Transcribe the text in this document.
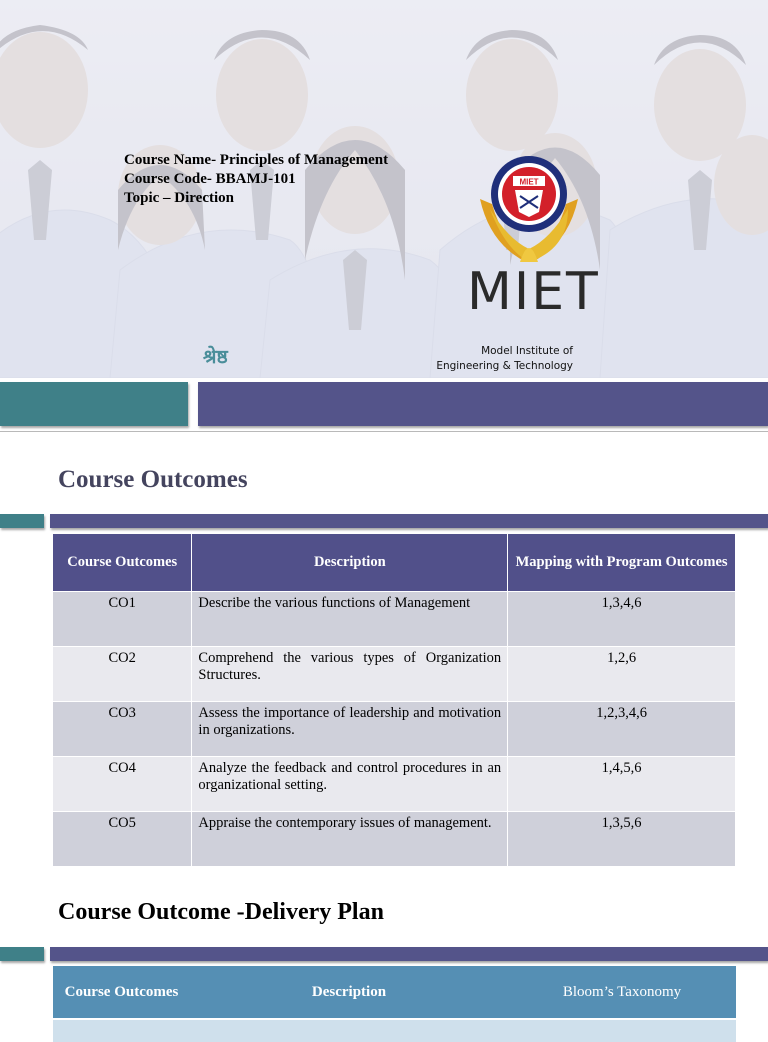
Course Name- Principles of Management
Course Code- BBAMJ-101
Topic – Direction
श्रेष्ठ
MIET
MIET
Model Institute of
Engineering & Technology
Course Outcomes
Course Outcomes	Description	Mapping with Program Outcomes
CO1	Describe the various functions of Management	1,3,4,6
CO2	Comprehend the various types of Organization Structures.	1,2,6
CO3	Assess the importance of leadership and motivation in organizations.	1,2,3,4,6
CO4	Analyze the feedback and control procedures in an organizational setting.	1,4,5,6
CO5	Appraise the contemporary issues of management.	1,3,5,6
Course Outcome -Delivery Plan
Course Outcomes	Description	Bloom’s Taxonomy
